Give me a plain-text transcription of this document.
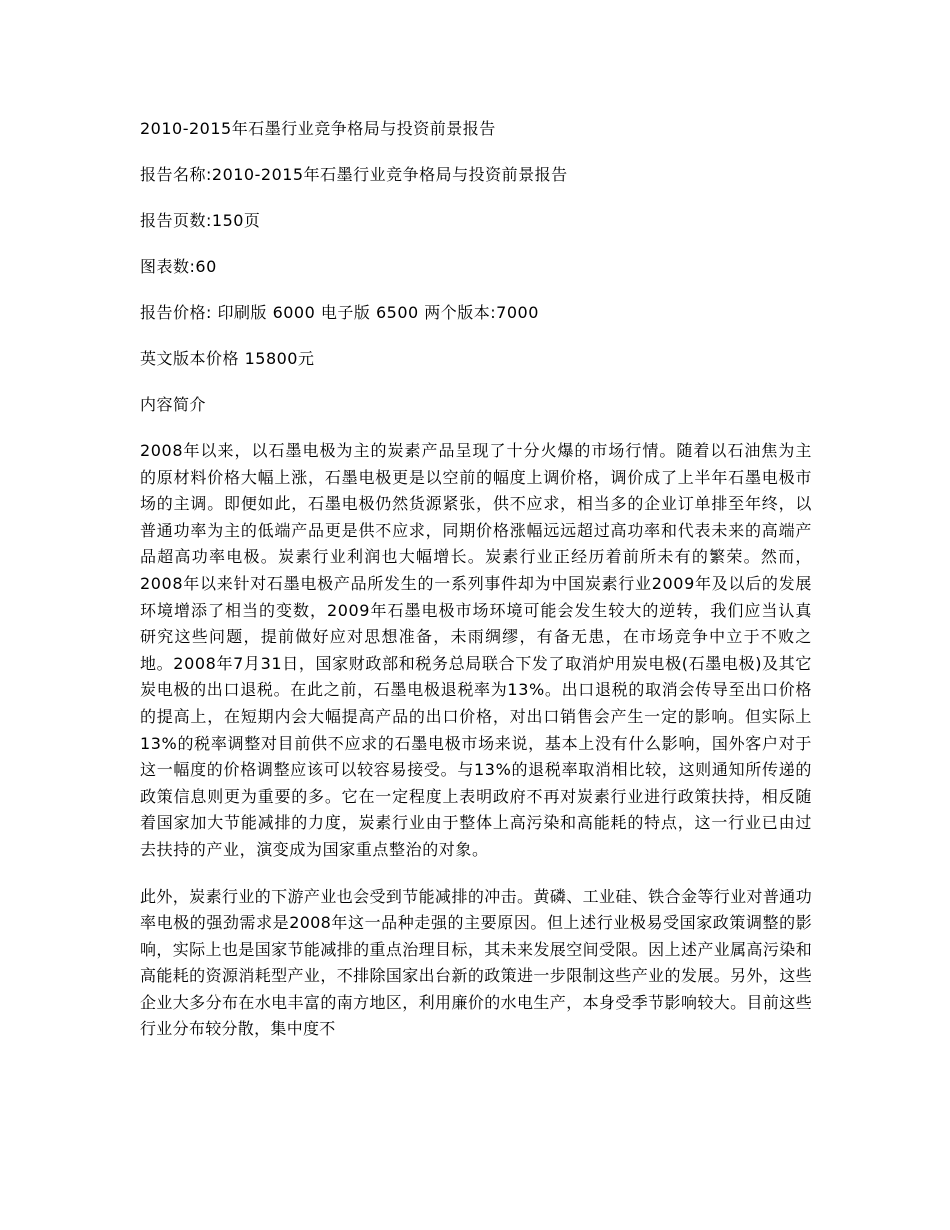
2010-2015年石墨行业竞争格局与投资前景报告
报告名称:2010-2015年石墨行业竞争格局与投资前景报告
报告页数:150页
图表数:60
报告价格: 印刷版 6000 电子版 6500 两个版本:7000
英文版本价格 15800元
内容简介

2008年以来，以石墨电极为主的炭素产品呈现了十分火爆的市场行情。随着以石油焦为主的原材料价格大幅上涨，石墨电极更是以空前的幅度上调价格，调价成了上半年石墨电极市场的主调。即便如此，石墨电极仍然货源紧张，供不应求，相当多的企业订单排至年终，以普通功率为主的低端产品更是供不应求，同期价格涨幅远远超过高功率和代表未来的高端产品超高功率电极。炭素行业利润也大幅增长。炭素行业正经历着前所未有的繁荣。然而，2008年以来针对石墨电极产品所发生的一系列事件却为中国炭素行业2009年及以后的发展环境增添了相当的变数，2009年石墨电极市场环境可能会发生较大的逆转，我们应当认真研究这些问题，提前做好应对思想准备，未雨绸缪，有备无患，在市场竞争中立于不败之地。2008年7月31日，国家财政部和税务总局联合下发了取消炉用炭电极(石墨电极)及其它炭电极的出口退税。在此之前，石墨电极退税率为13%。出口退税的取消会传导至出口价格的提高上，在短期内会大幅提高产品的出口价格，对出口销售会产生一定的影响。但实际上13%的税率调整对目前供不应求的石墨电极市场来说，基本上没有什么影响，国外客户对于这一幅度的价格调整应该可以较容易接受。与13%的退税率取消相比较，这则通知所传递的政策信息则更为重要的多。它在一定程度上表明政府不再对炭素行业进行政策扶持，相反随着国家加大节能减排的力度，炭素行业由于整体上高污染和高能耗的特点，这一行业已由过去扶持的产业，演变成为国家重点整治的对象。

此外，炭素行业的下游产业也会受到节能减排的冲击。黄磷、工业硅、铁合金等行业对普通功率电极的强劲需求是2008年这一品种走强的主要原因。但上述行业极易受国家政策调整的影响，实际上也是国家节能减排的重点治理目标，其未来发展空间受限。因上述产业属高污染和高能耗的资源消耗型产业，不排除国家出台新的政策进一步限制这些产业的发展。另外，这些企业大多分布在水电丰富的南方地区，利用廉价的水电生产，本身受季节影响较大。目前这些行业分布较分散，集中度不
